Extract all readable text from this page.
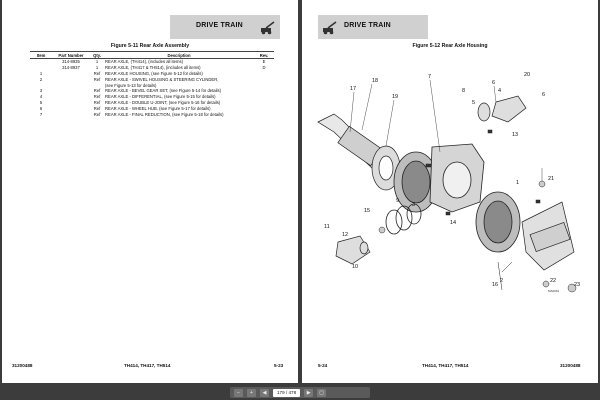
DRIVE TRAIN
Figure 5-11 Rear Axle Assembly
Item	Part Number	Qty.	Description	Rev.
	314-8935	1	REAR AXLE, (TH414), (includes all items)	E
	314-8937	1	REAR AXLE, (TH417 & TH514), (includes all items)	D
1		Ref	REAR AXLE HOUSING, (see Figure 5-12 for details)	
2		Ref	REAR AXLE - SWIVEL HOUSING & STEERING CYLINDER,	
			(see Figure 5-13 for details)	
3		Ref	REAR AXLE - BEVEL GEAR SET, (see Figure 5-14 for details)	
4		Ref	REAR AXLE - DIFFERENTIAL, (see Figure 5-15 for details)	
5		Ref	REAR AXLE - DOUBLE U-JOINT, (see Figure 5-16 for details)	
6		Ref	REAR AXLE - WHEEL HUB, (see Figure 5-17 for details)	
7		Ref	REAR AXLE - FINAL REDUCTION, (see Figure 5-18 for details)	
31200488	TH414, TH417, TH514	5-23
DRIVE TRAIN
Figure 5-12 Rear Axle Housing
18
17
19
7
8
5
6
4
20
6
13
11
15
9
3
14
1
12
10
16
2
21
22
23
MA0061
5-24	TH414, TH417, TH514	31200488
−	+	◀	179 / 478	▶	▢
